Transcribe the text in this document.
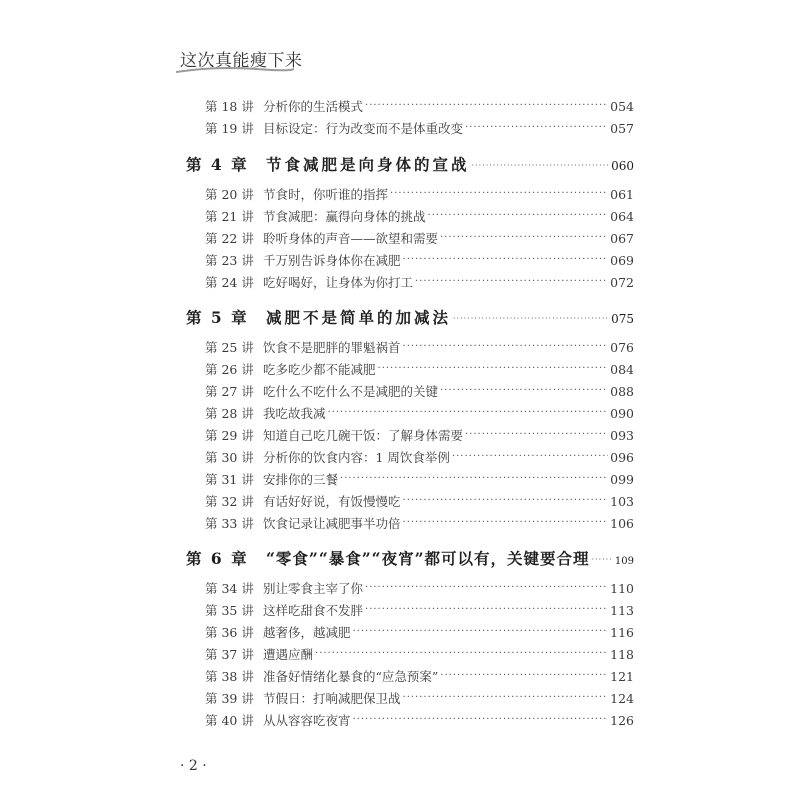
这次真能瘦下来
第 18 讲 分析你的生活模式 ·····	054
第 19 讲 目标设定：行为改变而不是体重改变 ·····	057
第 4 章	节食减肥是向身体的宣战 ·····	060
第 20 讲 节食时，你听谁的指挥 ·····	061
第 21 讲 节食减肥：赢得向身体的挑战 ·····	064
第 22 讲 聆听身体的声音——欲望和需要 ·····	067
第 23 讲 千万别告诉身体你在减肥 ·····	069
第 24 讲 吃好喝好，让身体为你打工 ·····	072
第 5 章	减肥不是简单的加减法 ·····	075
第 25 讲 饮食不是肥胖的罪魁祸首 ·····	076
第 26 讲 吃多吃少都不能减肥 ·····	084
第 27 讲 吃什么不吃什么不是减肥的关键 ·····	088
第 28 讲 我吃故我减 ·····	090
第 29 讲 知道自己吃几碗干饭：了解身体需要 ·····	093
第 30 讲 分析你的饮食内容：1 周饮食举例 ·····	096
第 31 讲 安排你的三餐 ·····	099
第 32 讲 有话好好说，有饭慢慢吃 ·····	103
第 33 讲 饮食记录让减肥事半功倍 ·····	106
第 6 章	“零食”“暴食”“夜宵”都可以有，关键要合理 ·····	109
第 34 讲 别让零食主宰了你 ·····	110
第 35 讲 这样吃甜食不发胖 ·····	113
第 36 讲 越奢侈，越减肥 ·····	116
第 37 讲 遭遇应酬 ·····	118
第 38 讲 准备好情绪化暴食的“应急预案” ·····	121
第 39 讲 节假日：打响减肥保卫战 ·····	124
第 40 讲 从从容容吃夜宵 ·····	126
· 2 ·
